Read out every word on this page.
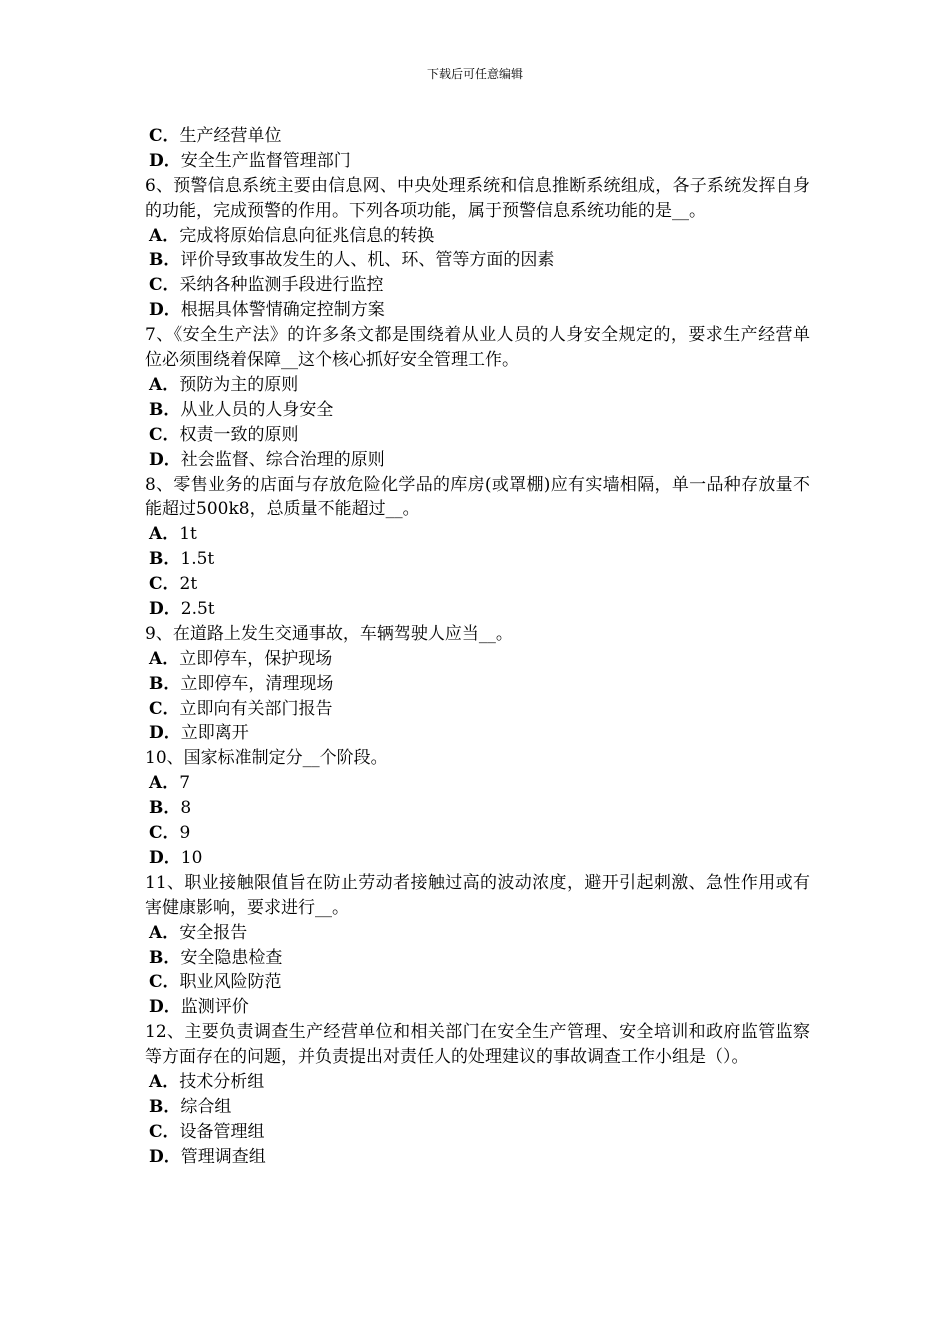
下载后可任意编辑
C．生产经营单位
D．安全生产监督管理部门
6、预警信息系统主要由信息网、中央处理系统和信息推断系统组成，各子系统发挥自身的功能，完成预警的作用。下列各项功能，属于预警信息系统功能的是__。
A．完成将原始信息向征兆信息的转换
B．评价导致事故发生的人、机、环、管等方面的因素
C．采纳各种监测手段进行监控
D．根据具体警情确定控制方案
7、《安全生产法》的许多条文都是围绕着从业人员的人身安全规定的，要求生产经营单位必须围绕着保障__这个核心抓好安全管理工作。
A．预防为主的原则
B．从业人员的人身安全
C．权责一致的原则
D．社会监督、综合治理的原则
8、零售业务的店面与存放危险化学品的库房(或罩棚)应有实墙相隔，单一品种存放量不能超过500k8，总质量不能超过__。
A．1t
B．1.5t
C．2t
D．2.5t
9、在道路上发生交通事故，车辆驾驶人应当__。
A．立即停车，保护现场
B．立即停车，清理现场
C．立即向有关部门报告
D．立即离开
10、国家标准制定分__个阶段。
A．7
B．8
C．9
D．10
11、职业接触限值旨在防止劳动者接触过高的波动浓度，避开引起刺激、急性作用或有害健康影响，要求进行__。
A．安全报告
B．安全隐患检查
C．职业风险防范
D．监测评价
12、主要负责调查生产经营单位和相关部门在安全生产管理、安全培训和政府监管监察等方面存在的问题，并负责提出对责任人的处理建议的事故调查工作小组是（）。
A．技术分析组
B．综合组
C．设备管理组
D．管理调查组
